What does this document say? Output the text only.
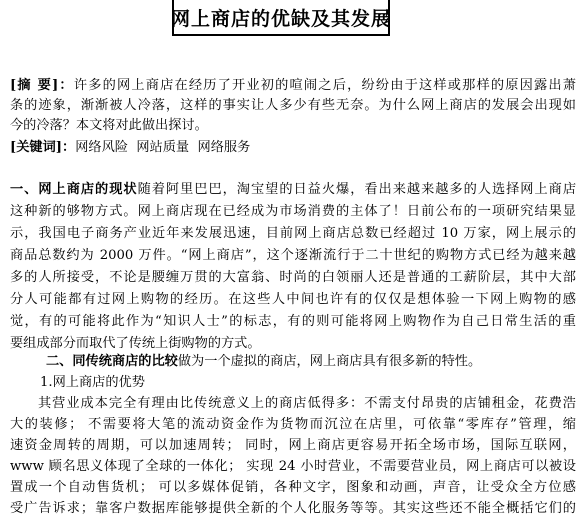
网上商店的优缺及其发展
[摘 要]：许多的网上商店在经历了开业初的喧闹之后，纷纷由于这样或那样的原因露出萧
条的迹象，渐渐被人冷落，这样的事实让人多少有些无奈。为什么网上商店的发展会出现如
今的冷落？本文将对此做出探讨。
[关键词]：网络风险  网站质量  网络服务
一、网上商店的现状随着阿里巴巴，淘宝望的日益火爆，看出来越来越多的人选择网上商店
这种新的够物方式。网上商店现在已经成为市场消费的主体了！日前公布的一项研究结果显
示，我国电子商务产业近年来发展迅速，目前网上商店总数已经超过 10 万家，网上展示的
商品总数约为 2000 万件。“网上商店”，这个逐渐流行于二十世纪的购物方式已经为越来越
多的人所接受，不论是腰缠万贯的大富翁、时尚的白领丽人还是普通的工薪阶层，其中大部
分人可能都有过网上购物的经历。在这些人中间也许有的仅仅是想体验一下网上购物的感
觉，有的可能将此作为“知识人士”的标志，有的则可能将网上购物作为自己日常生活的重
要组成部分而取代了传统上街购物的方式。
二、同传统商店的比较做为一个虚拟的商店，网上商店具有很多新的特性。
1.网上商店的优势
其营业成本完全有理由比传统意义上的商店低得多：不需支付昂贵的店铺租金，花费浩
大的装修； 不需要将大笔的流动资金作为货物而沉泣在店里，可依靠“零库存”管理，缩
速资金周转的周期，可以加速周转； 同时，网上商店更容易开拓全场市场，国际互联网，
www 顾名思义体现了全球的一体化； 实现 24 小时营业，不需要营业员，网上商店可以被设
置成一个自动售货机； 可以多媒体促销，各种文字，图象和动画，声音，让受众全方位感
受广告诉求；靠客户数据库能够提供全新的个人化服务等等。其实这些还不能全概括它们的
